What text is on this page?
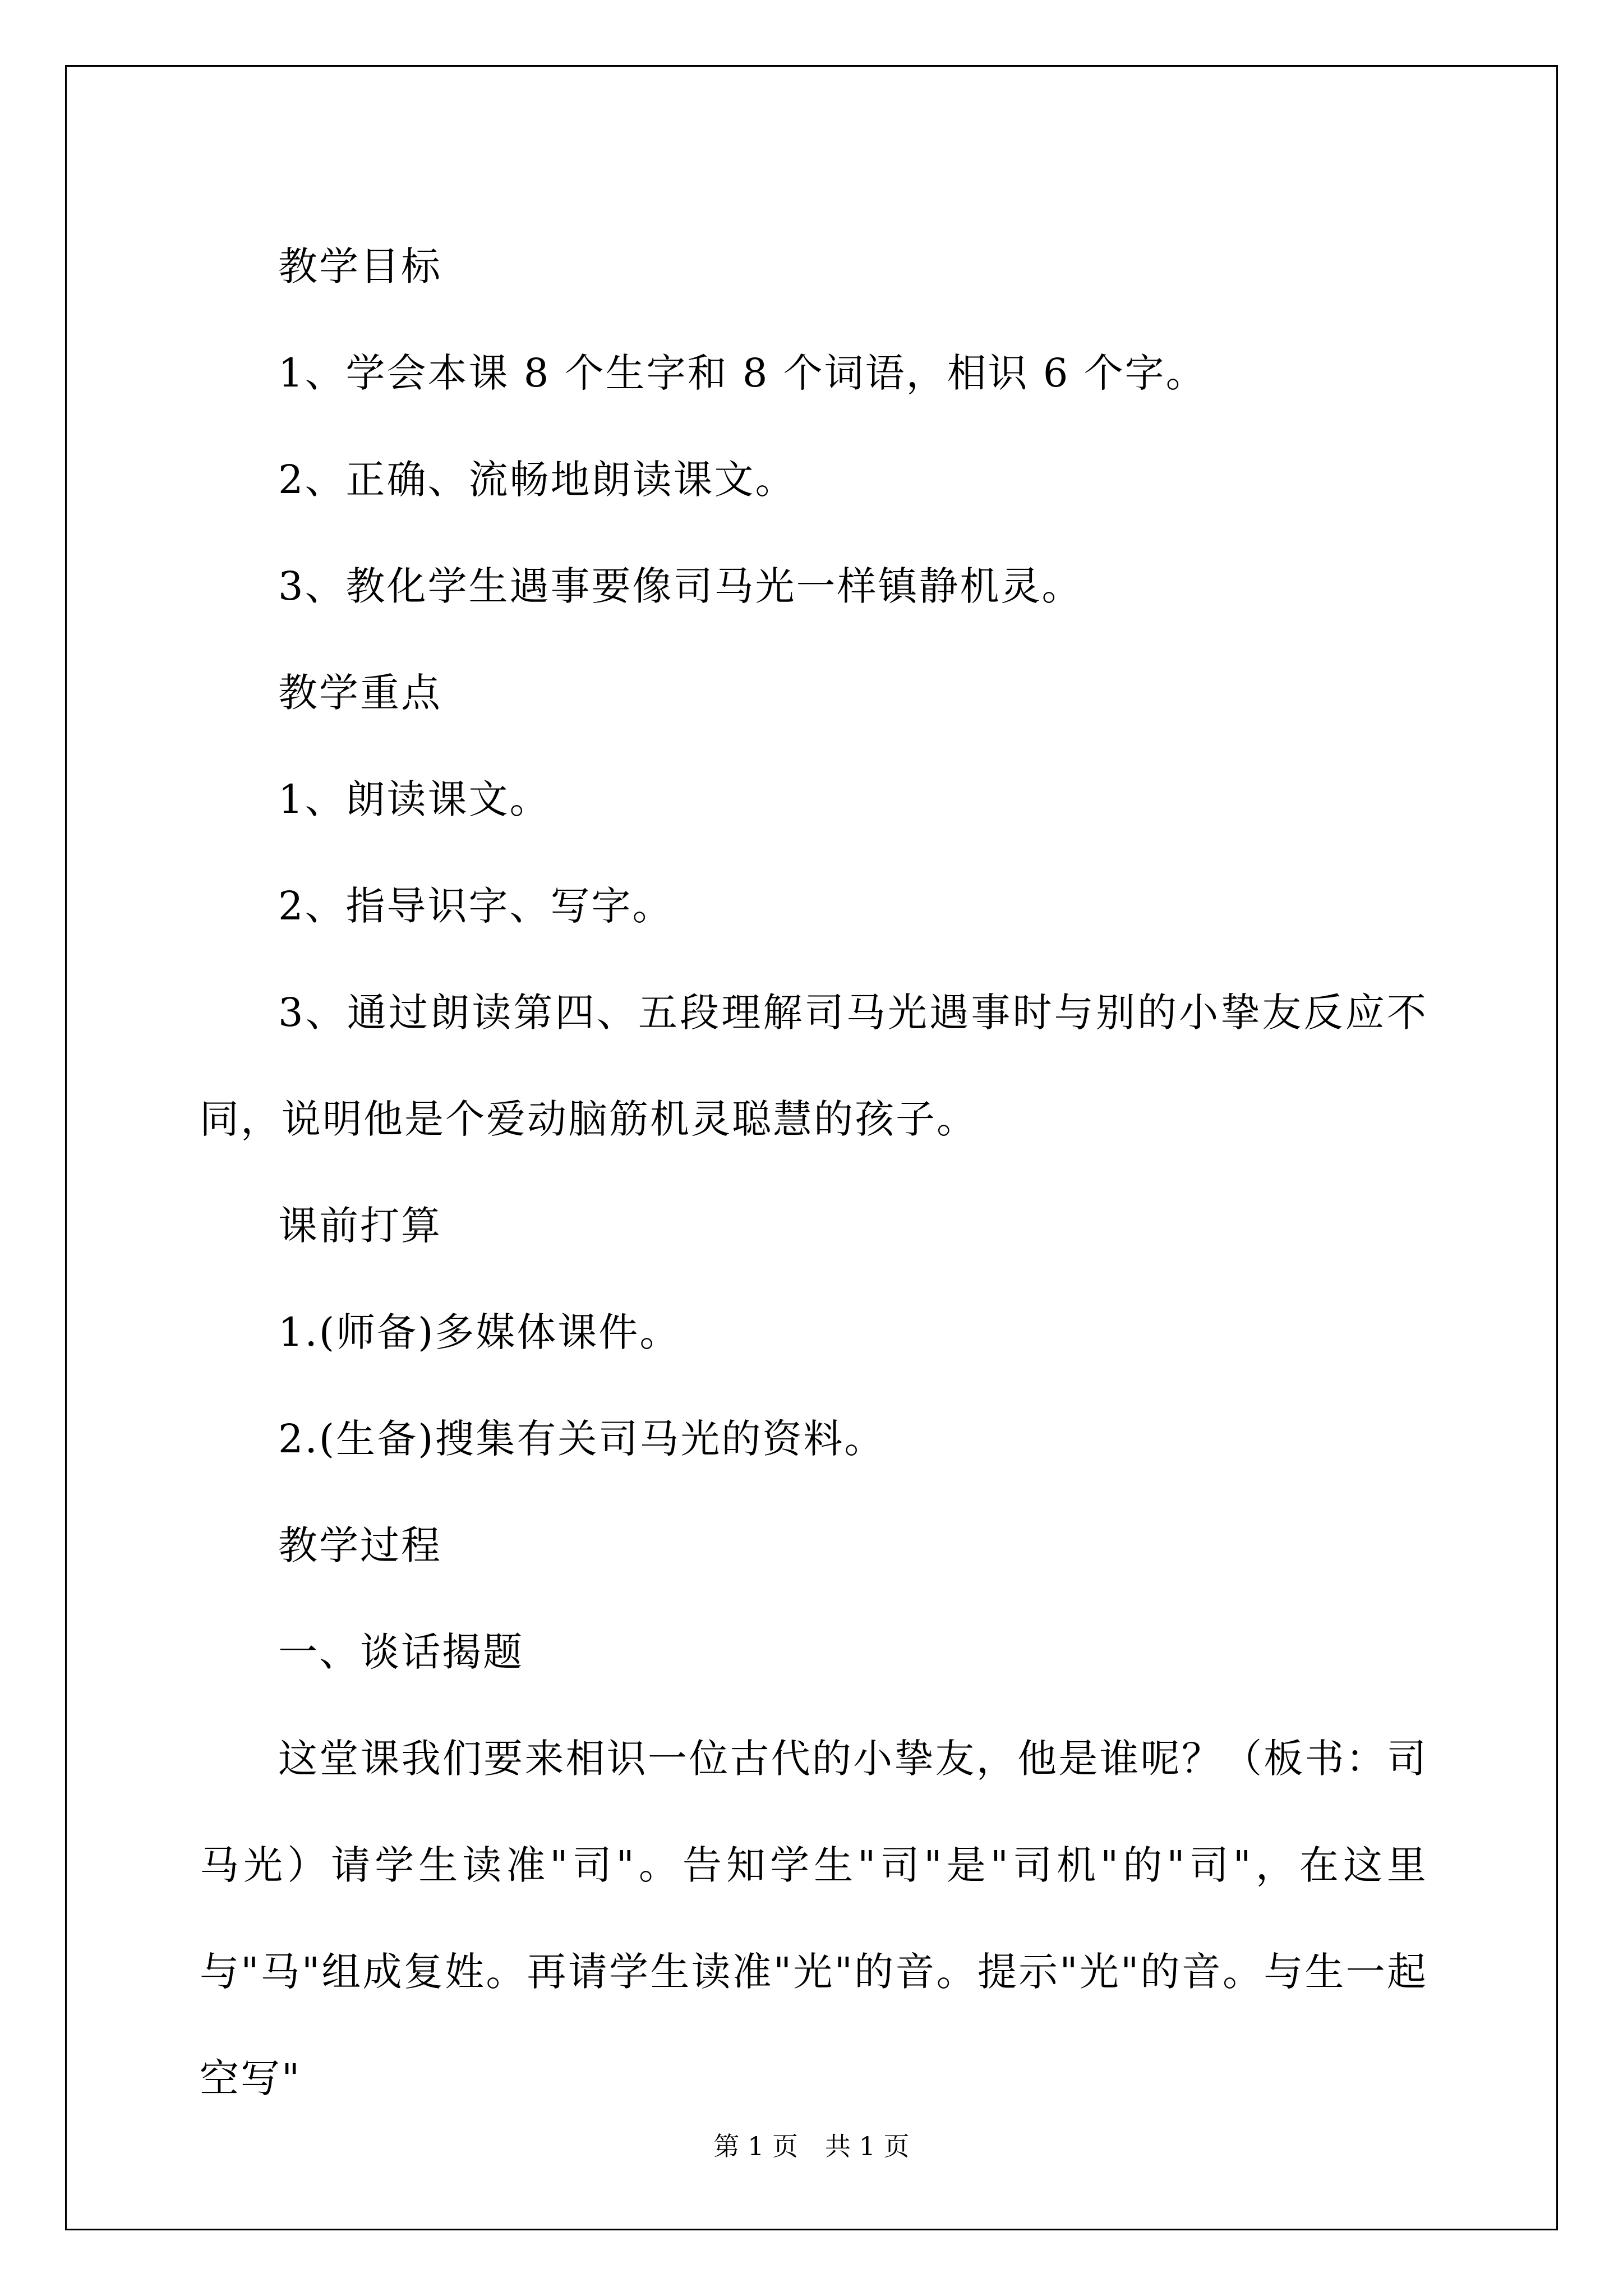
教学目标

1、学会本课 8 个生字和 8 个词语，相识 6 个字。

2、正确、流畅地朗读课文。

3、教化学生遇事要像司马光一样镇静机灵。

教学重点

1、朗读课文。

2、指导识字、写字。

3、通过朗读第四、五段理解司马光遇事时与别的小挚友反应不同，说明他是个爱动脑筋机灵聪慧的孩子。

课前打算

1.(师备)多媒体课件。

2.(生备)搜集有关司马光的资料。

教学过程

一、谈话揭题

这堂课我们要来相识一位古代的小挚友，他是谁呢？（板书：司马光）请学生读准"司"。告知学生"司"是"司机"的"司"，在这里与"马"组成复姓。再请学生读准"光"的音。提示"光"的音。与生一起空写"

第 1 页 共 1 页
